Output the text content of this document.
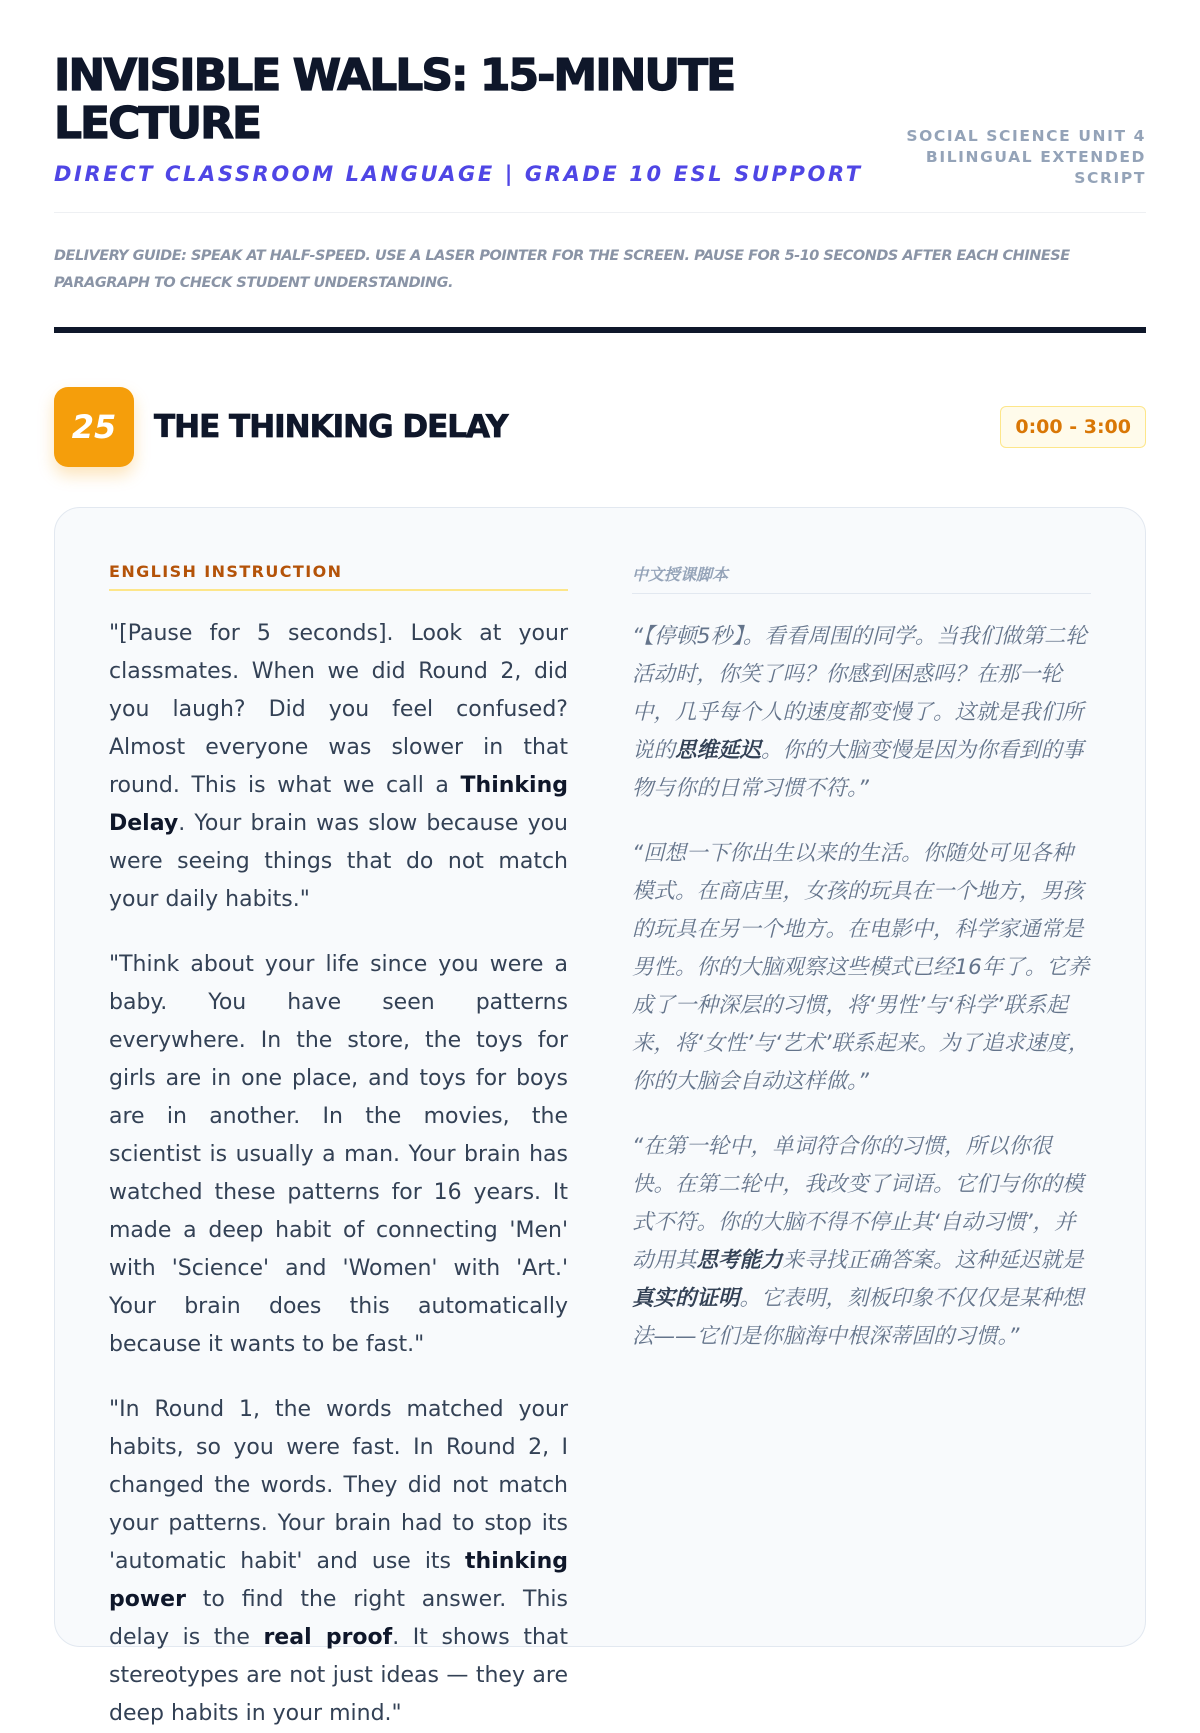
INVISIBLE WALLS: 15-MINUTE LECTURE
DIRECT CLASSROOM LANGUAGE | GRADE 10 ESL SUPPORT
SOCIAL SCIENCE UNIT 4 BILINGUAL EXTENDED SCRIPT
DELIVERY GUIDE: SPEAK AT HALF-SPEED. USE A LASER POINTER FOR THE SCREEN. PAUSE FOR 5-10 SECONDS AFTER EACH CHINESE PARAGRAPH TO CHECK STUDENT UNDERSTANDING.
25	THE THINKING DELAY	0:00 - 3:00
ENGLISH INSTRUCTION

"[Pause for 5 seconds]. Look at your classmates. When we did Round 2, did you laugh? Did you feel confused? Almost everyone was slower in that round. This is what we call a Thinking Delay. Your brain was slow because you were seeing things that do not match your daily habits."

"Think about your life since you were a baby. You have seen patterns everywhere. In the store, the toys for girls are in one place, and toys for boys are in another. In the movies, the scientist is usually a man. Your brain has watched these patterns for 16 years. It made a deep habit of connecting 'Men' with 'Science' and 'Women' with 'Art.' Your brain does this automatically because it wants to be fast."

"In Round 1, the words matched your habits, so you were fast. In Round 2, I changed the words. They did not match your patterns. Your brain had to stop its 'automatic habit' and use its thinking power to find the right answer. This delay is the real proof. It shows that stereotypes are not just ideas — they are deep habits in your mind."

中文授课脚本

“【停顿5秒】。看看周围的同学。当我们做第二轮活动时，你笑了吗？你感到困惑吗？在那一轮中，几乎每个人的速度都变慢了。这就是我们所说的思维延迟。你的大脑变慢是因为你看到的事物与你的日常习惯不符。”

“回想一下你出生以来的生活。你随处可见各种模式。在商店里，女孩的玩具在一个地方，男孩的玩具在另一个地方。在电影中，科学家通常是男性。你的大脑观察这些模式已经16年了。它养成了一种深层的习惯，将‘男性’与‘科学’联系起来，将‘女性’与‘艺术’联系起来。为了追求速度，你的大脑会自动这样做。”

“在第一轮中，单词符合你的习惯，所以你很快。在第二轮中，我改变了词语。它们与你的模式不符。你的大脑不得不停止其‘自动习惯’，并动用其思考能力来寻找正确答案。这种延迟就是真实的证明。它表明，刻板印象不仅仅是某种想法——它们是你脑海中根深蒂固的习惯。”
